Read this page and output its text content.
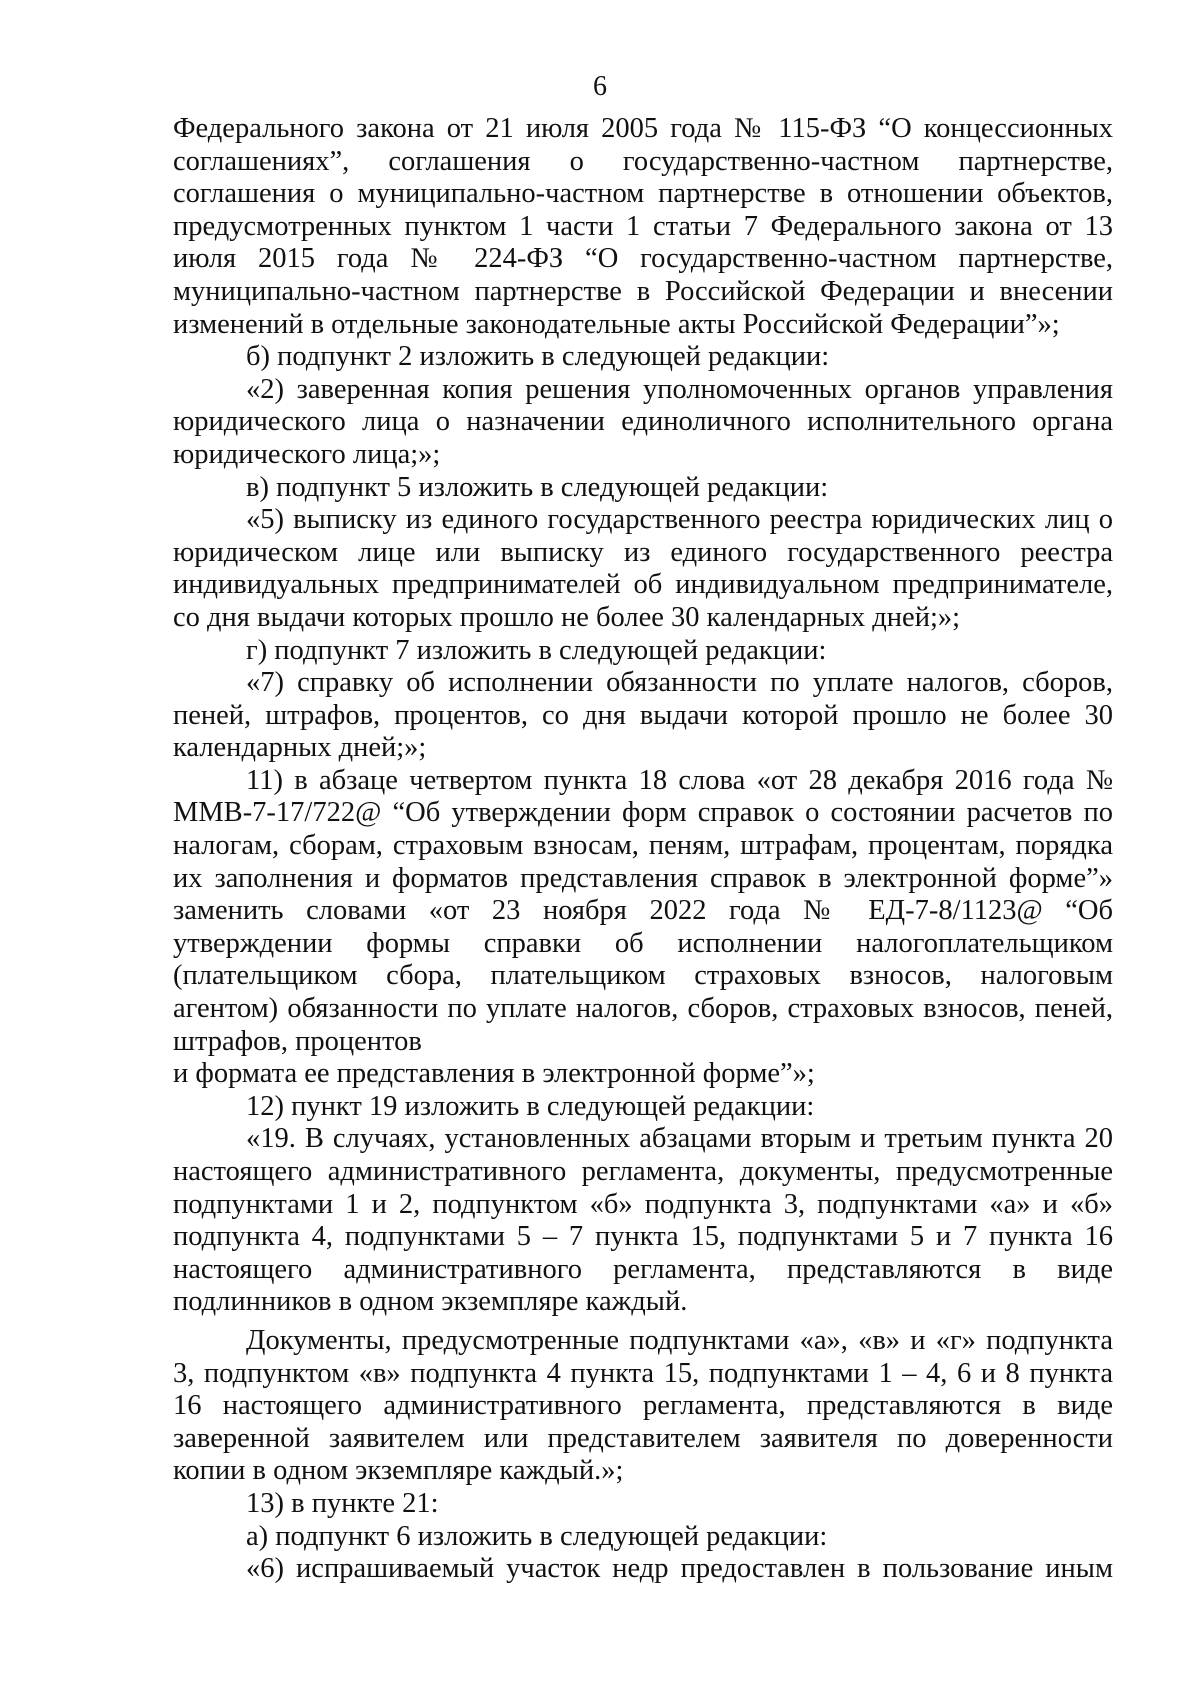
6

Федерального закона от 21 июля 2005 года № 115-ФЗ “О концессионных соглашениях”, соглашения о государственно-частном партнерстве, соглашения о муниципально-частном партнерстве в отношении объектов, предусмотренных пунктом 1 части 1 статьи 7 Федерального закона от 13 июля 2015 года № 224-ФЗ “О государственно-частном партнерстве, муниципально-частном партнерстве в Российской Федерации и внесении изменений в отдельные законодательные акты Российской Федерации”»;

б) подпункт 2 изложить в следующей редакции:

«2) заверенная копия решения уполномоченных органов управления юридического лица о назначении единоличного исполнительного органа юридического лица;»;

в) подпункт 5 изложить в следующей редакции:

«5) выписку из единого государственного реестра юридических лиц о юридическом лице или выписку из единого государственного реестра индивидуальных предпринимателей об индивидуальном предпринимателе, со дня выдачи которых прошло не более 30 календарных дней;»;

г) подпункт 7 изложить в следующей редакции:

«7) справку об исполнении обязанности по уплате налогов, сборов, пеней, штрафов, процентов, со дня выдачи которой прошло не более 30 календарных дней;»;

11) в абзаце четвертом пункта 18 слова «от 28 декабря 2016 года № ММВ-7-17/722@ “Об утверждении форм справок о состоянии расчетов по налогам, сборам, страховым взносам, пеням, штрафам, процентам, порядка их заполнения и форматов представления справок в электронной форме”» заменить словами «от 23 ноября 2022 года № ЕД-7-8/1123@ “Об утверждении формы справки об исполнении налогоплательщиком (плательщиком сбора, плательщиком страховых взносов, налоговым агентом) обязанности по уплате налогов, сборов, страховых взносов, пеней, штрафов, процентов

и формата ее представления в электронной форме”»;

12) пункт 19 изложить в следующей редакции:

«19. В случаях, установленных абзацами вторым и третьим пункта 20 настоящего административного регламента, документы, предусмотренные подпунктами 1 и 2, подпунктом «б» подпункта 3, подпунктами «а» и «б» подпункта 4, подпунктами 5 – 7 пункта 15, подпунктами 5 и 7 пункта 16 настоящего административного регламента, представляются в виде подлинников в одном экземпляре каждый.

Документы, предусмотренные подпунктами «а», «в» и «г» подпункта 3, подпунктом «в» подпункта 4 пункта 15, подпунктами 1 – 4, 6 и 8 пункта 16 настоящего административного регламента, представляются в виде заверенной заявителем или представителем заявителя по доверенности копии в одном экземпляре каждый.»;

13) в пункте 21:

а) подпункт 6 изложить в следующей редакции:

«6) испрашиваемый участок недр предоставлен в пользование иным
